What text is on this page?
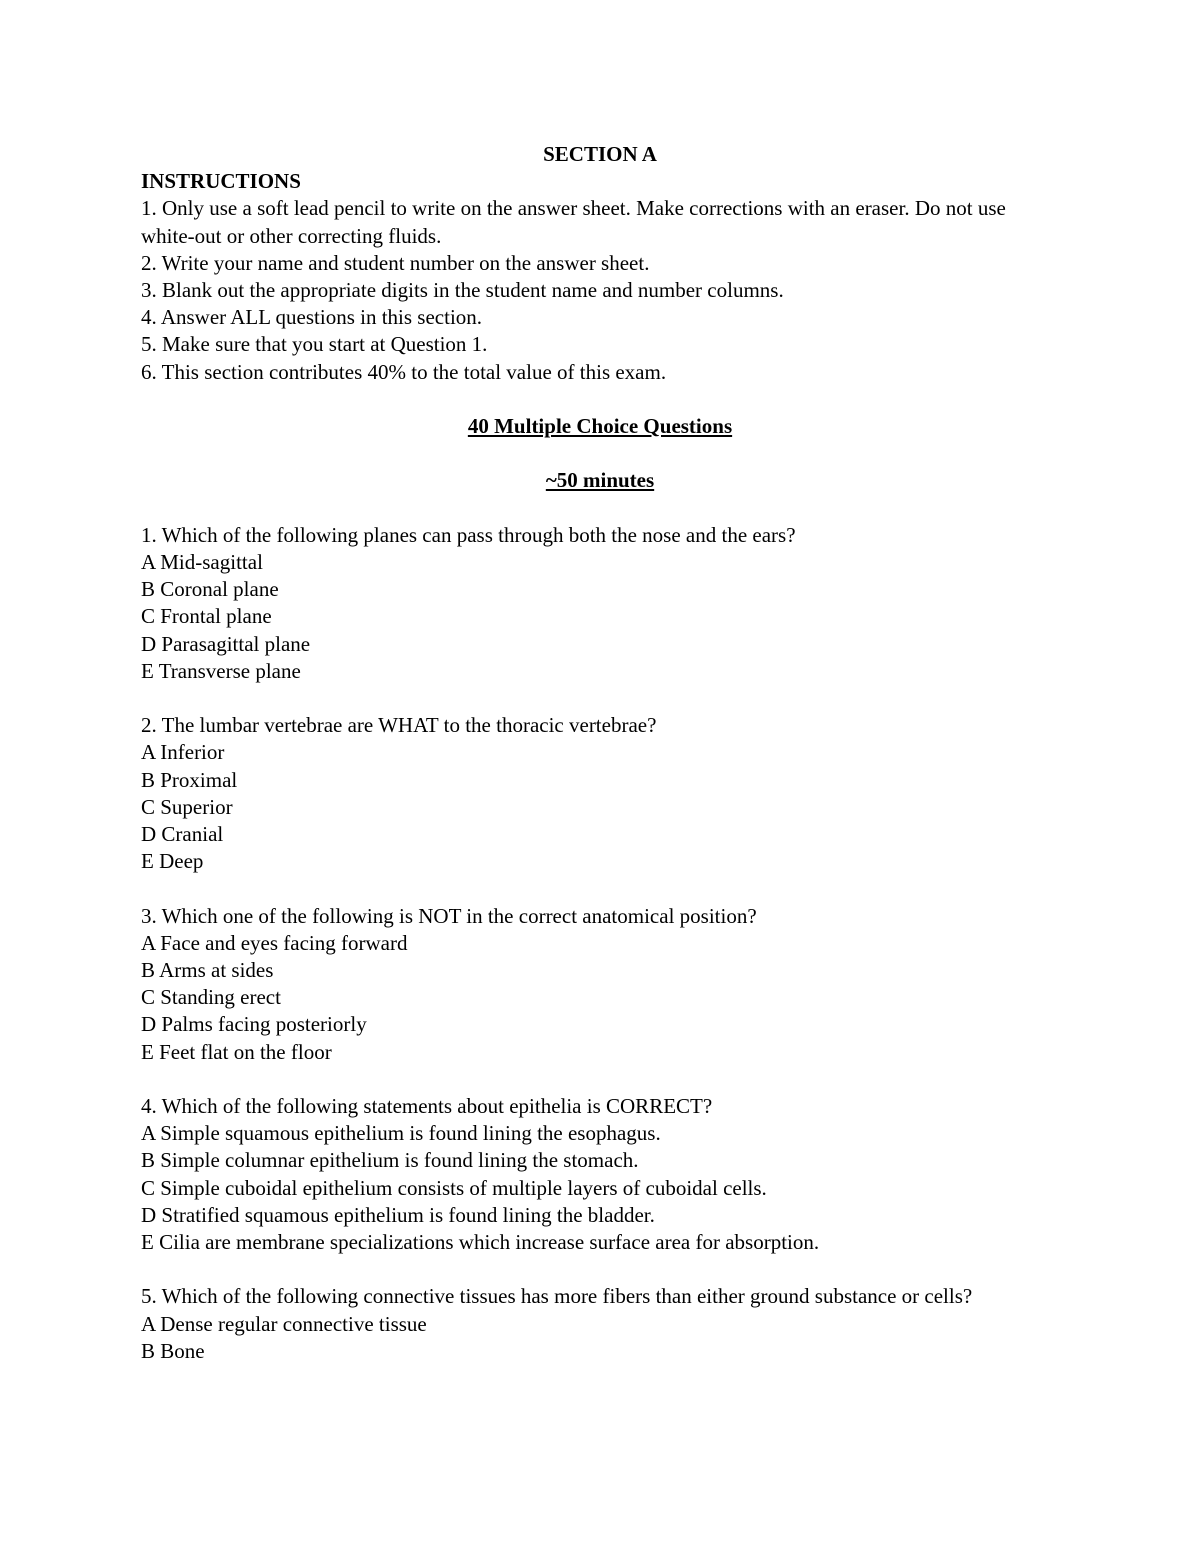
SECTION A
INSTRUCTIONS
1. Only use a soft lead pencil to write on the answer sheet. Make corrections with an eraser. Do not use white-out or other correcting fluids.
2. Write your name and student number on the answer sheet.
3. Blank out the appropriate digits in the student name and number columns.
4. Answer ALL questions in this section.
5. Make sure that you start at Question 1.
6. This section contributes 40% to the total value of this exam.
40 Multiple Choice Questions
~50 minutes
1. Which of the following planes can pass through both the nose and the ears?
A Mid-sagittal
B Coronal plane
C Frontal plane
D Parasagittal plane
E Transverse plane
2. The lumbar vertebrae are WHAT to the thoracic vertebrae?
A Inferior
B Proximal
C Superior
D Cranial
E Deep
3. Which one of the following is NOT in the correct anatomical position?
A Face and eyes facing forward
B Arms at sides
C Standing erect
D Palms facing posteriorly
E Feet flat on the floor
4. Which of the following statements about epithelia is CORRECT?
A Simple squamous epithelium is found lining the esophagus.
B Simple columnar epithelium is found lining the stomach.
C Simple cuboidal epithelium consists of multiple layers of cuboidal cells.
D Stratified squamous epithelium is found lining the bladder.
E Cilia are membrane specializations which increase surface area for absorption.
5. Which of the following connective tissues has more fibers than either ground substance or cells?
A Dense regular connective tissue
B Bone
